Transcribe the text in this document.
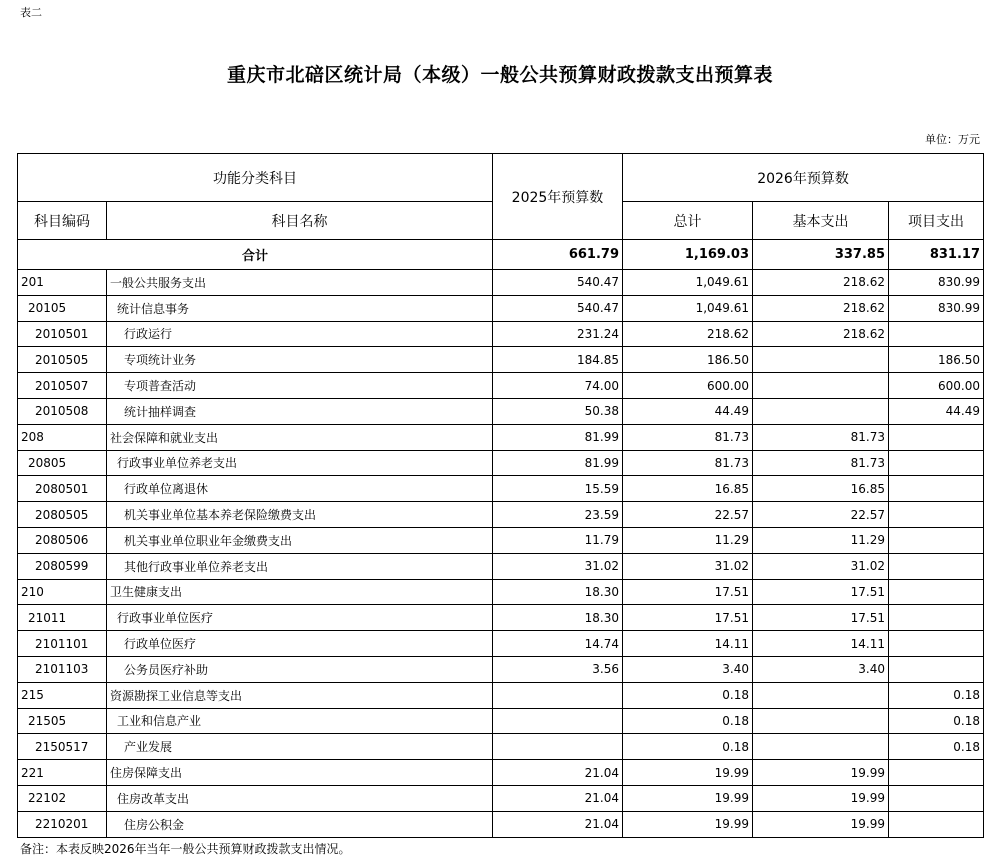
表二
重庆市北碚区统计局（本级）一般公共预算财政拨款支出预算表
单位：万元
功能分类科目		2025年预算数	2026年预算数		
科目编码	科目名称		总计	基本支出	项目支出
合计		661.79	1,169.03	337.85	831.17
201	一般公共服务支出	540.47	1,049.61	218.62	830.99
20105	统计信息事务	540.47	1,049.61	218.62	830.99
2010501	行政运行	231.24	218.62	218.62	
2010505	专项统计业务	184.85	186.50		186.50
2010507	专项普查活动	74.00	600.00		600.00
2010508	统计抽样调查	50.38	44.49		44.49
208	社会保障和就业支出	81.99	81.73	81.73	
20805	行政事业单位养老支出	81.99	81.73	81.73	
2080501	行政单位离退休	15.59	16.85	16.85	
2080505	机关事业单位基本养老保险缴费支出	23.59	22.57	22.57	
2080506	机关事业单位职业年金缴费支出	11.79	11.29	11.29	
2080599	其他行政事业单位养老支出	31.02	31.02	31.02	
210	卫生健康支出	18.30	17.51	17.51	
21011	行政事业单位医疗	18.30	17.51	17.51	
2101101	行政单位医疗	14.74	14.11	14.11	
2101103	公务员医疗补助	3.56	3.40	3.40	
215	资源勘探工业信息等支出		0.18		0.18
21505	工业和信息产业		0.18		0.18
2150517	产业发展		0.18		0.18
221	住房保障支出	21.04	19.99	19.99	
22102	住房改革支出	21.04	19.99	19.99	
2210201	住房公积金	21.04	19.99	19.99	
备注：本表反映2026年当年一般公共预算财政拨款支出情况。
